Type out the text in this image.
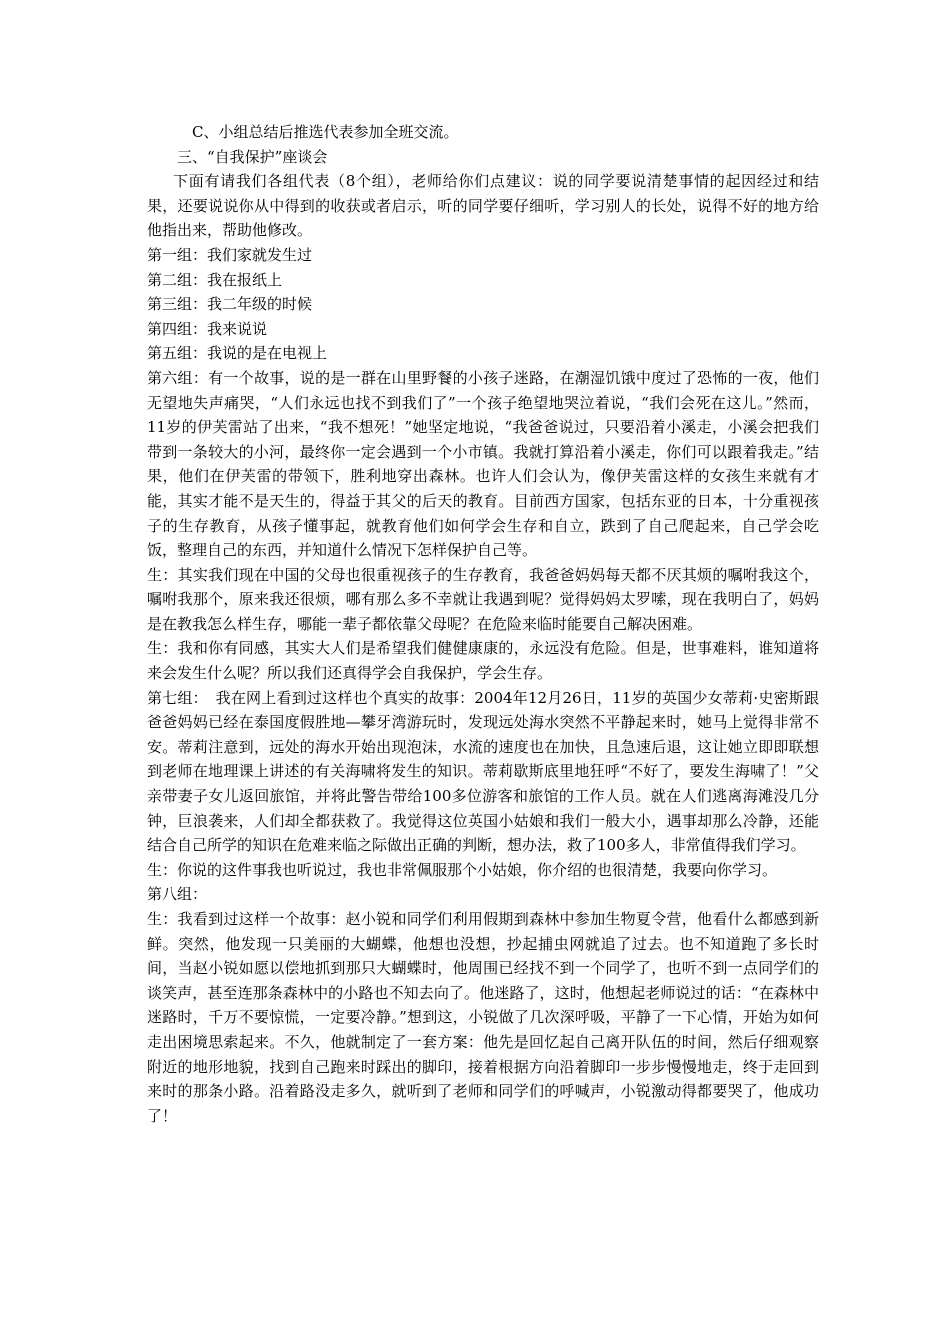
C、小组总结后推选代表参加全班交流。

三、“自我保护”座谈会

下面有请我们各组代表（8个组），老师给你们点建议：说的同学要说清楚事情的起因经过和结果，还要说说你从中得到的收获或者启示，听的同学要仔细听，学习别人的长处，说得不好的地方给他指出来，帮助他修改。

第一组：我们家就发生过

第二组：我在报纸上

第三组：我二年级的时候

第四组：我来说说

第五组：我说的是在电视上

第六组：有一个故事，说的是一群在山里野餐的小孩子迷路，在潮湿饥饿中度过了恐怖的一夜，他们无望地失声痛哭，“人们永远也找不到我们了”一个孩子绝望地哭泣着说，“我们会死在这儿。”然而，11岁的伊芙雷站了出来，“我不想死！”她坚定地说，“我爸爸说过，只要沿着小溪走，小溪会把我们带到一条较大的小河，最终你一定会遇到一个小市镇。我就打算沿着小溪走，你们可以跟着我走。”结果，他们在伊芙雷的带领下，胜利地穿出森林。也许人们会认为，像伊芙雷这样的女孩生来就有才能，其实才能不是天生的，得益于其父的后天的教育。目前西方国家，包括东亚的日本，十分重视孩子的生存教育，从孩子懂事起，就教育他们如何学会生存和自立，跌到了自己爬起来，自己学会吃饭，整理自己的东西，并知道什么情况下怎样保护自己等。

生：其实我们现在中国的父母也很重视孩子的生存教育，我爸爸妈妈每天都不厌其烦的嘱咐我这个，嘱咐我那个，原来我还很烦，哪有那么多不幸就让我遇到呢？觉得妈妈太罗嗦，现在我明白了，妈妈是在教我怎么样生存，哪能一辈子都依靠父母呢？在危险来临时能要自己解决困难。

生：我和你有同感，其实大人们是希望我们健健康康的，永远没有危险。但是，世事难料，谁知道将来会发生什么呢？所以我们还真得学会自我保护，学会生存。

第七组：　我在网上看到过这样也个真实的故事：2004年12月26日，11岁的英国少女蒂莉·史密斯跟爸爸妈妈已经在泰国度假胜地—攀牙湾游玩时，发现远处海水突然不平静起来时，她马上觉得非常不安。蒂莉注意到，远处的海水开始出现泡沫，水流的速度也在加快，且急速后退，这让她立即即联想到老师在地理课上讲述的有关海啸将发生的知识。蒂莉歇斯底里地狂呼“不好了，要发生海啸了！”父亲带妻子女儿返回旅馆，并将此警告带给100多位游客和旅馆的工作人员。就在人们逃离海滩没几分钟，巨浪袭来，人们却全都获救了。我觉得这位英国小姑娘和我们一般大小，遇事却那么冷静，还能结合自己所学的知识在危难来临之际做出正确的判断，想办法，救了100多人，非常值得我们学习。

生：你说的这件事我也听说过，我也非常佩服那个小姑娘，你介绍的也很清楚，我要向你学习。

第八组：

生：我看到过这样一个故事：赵小锐和同学们利用假期到森林中参加生物夏令营，他看什么都感到新鲜。突然，他发现一只美丽的大蝴蝶，他想也没想，抄起捕虫网就追了过去。也不知道跑了多长时间，当赵小锐如愿以偿地抓到那只大蝴蝶时，他周围已经找不到一个同学了，也听不到一点同学们的谈笑声，甚至连那条森林中的小路也不知去向了。他迷路了，这时，他想起老师说过的话：“在森林中迷路时，千万不要惊慌，一定要冷静。”想到这，小锐做了几次深呼吸，平静了一下心情，开始为如何走出困境思索起来。不久，他就制定了一套方案：他先是回忆起自己离开队伍的时间，然后仔细观察附近的地形地貌，找到自己跑来时踩出的脚印，接着根据方向沿着脚印一步步慢慢地走，终于走回到来时的那条小路。沿着路没走多久，就听到了老师和同学们的呼喊声，小锐激动得都要哭了，他成功了！
